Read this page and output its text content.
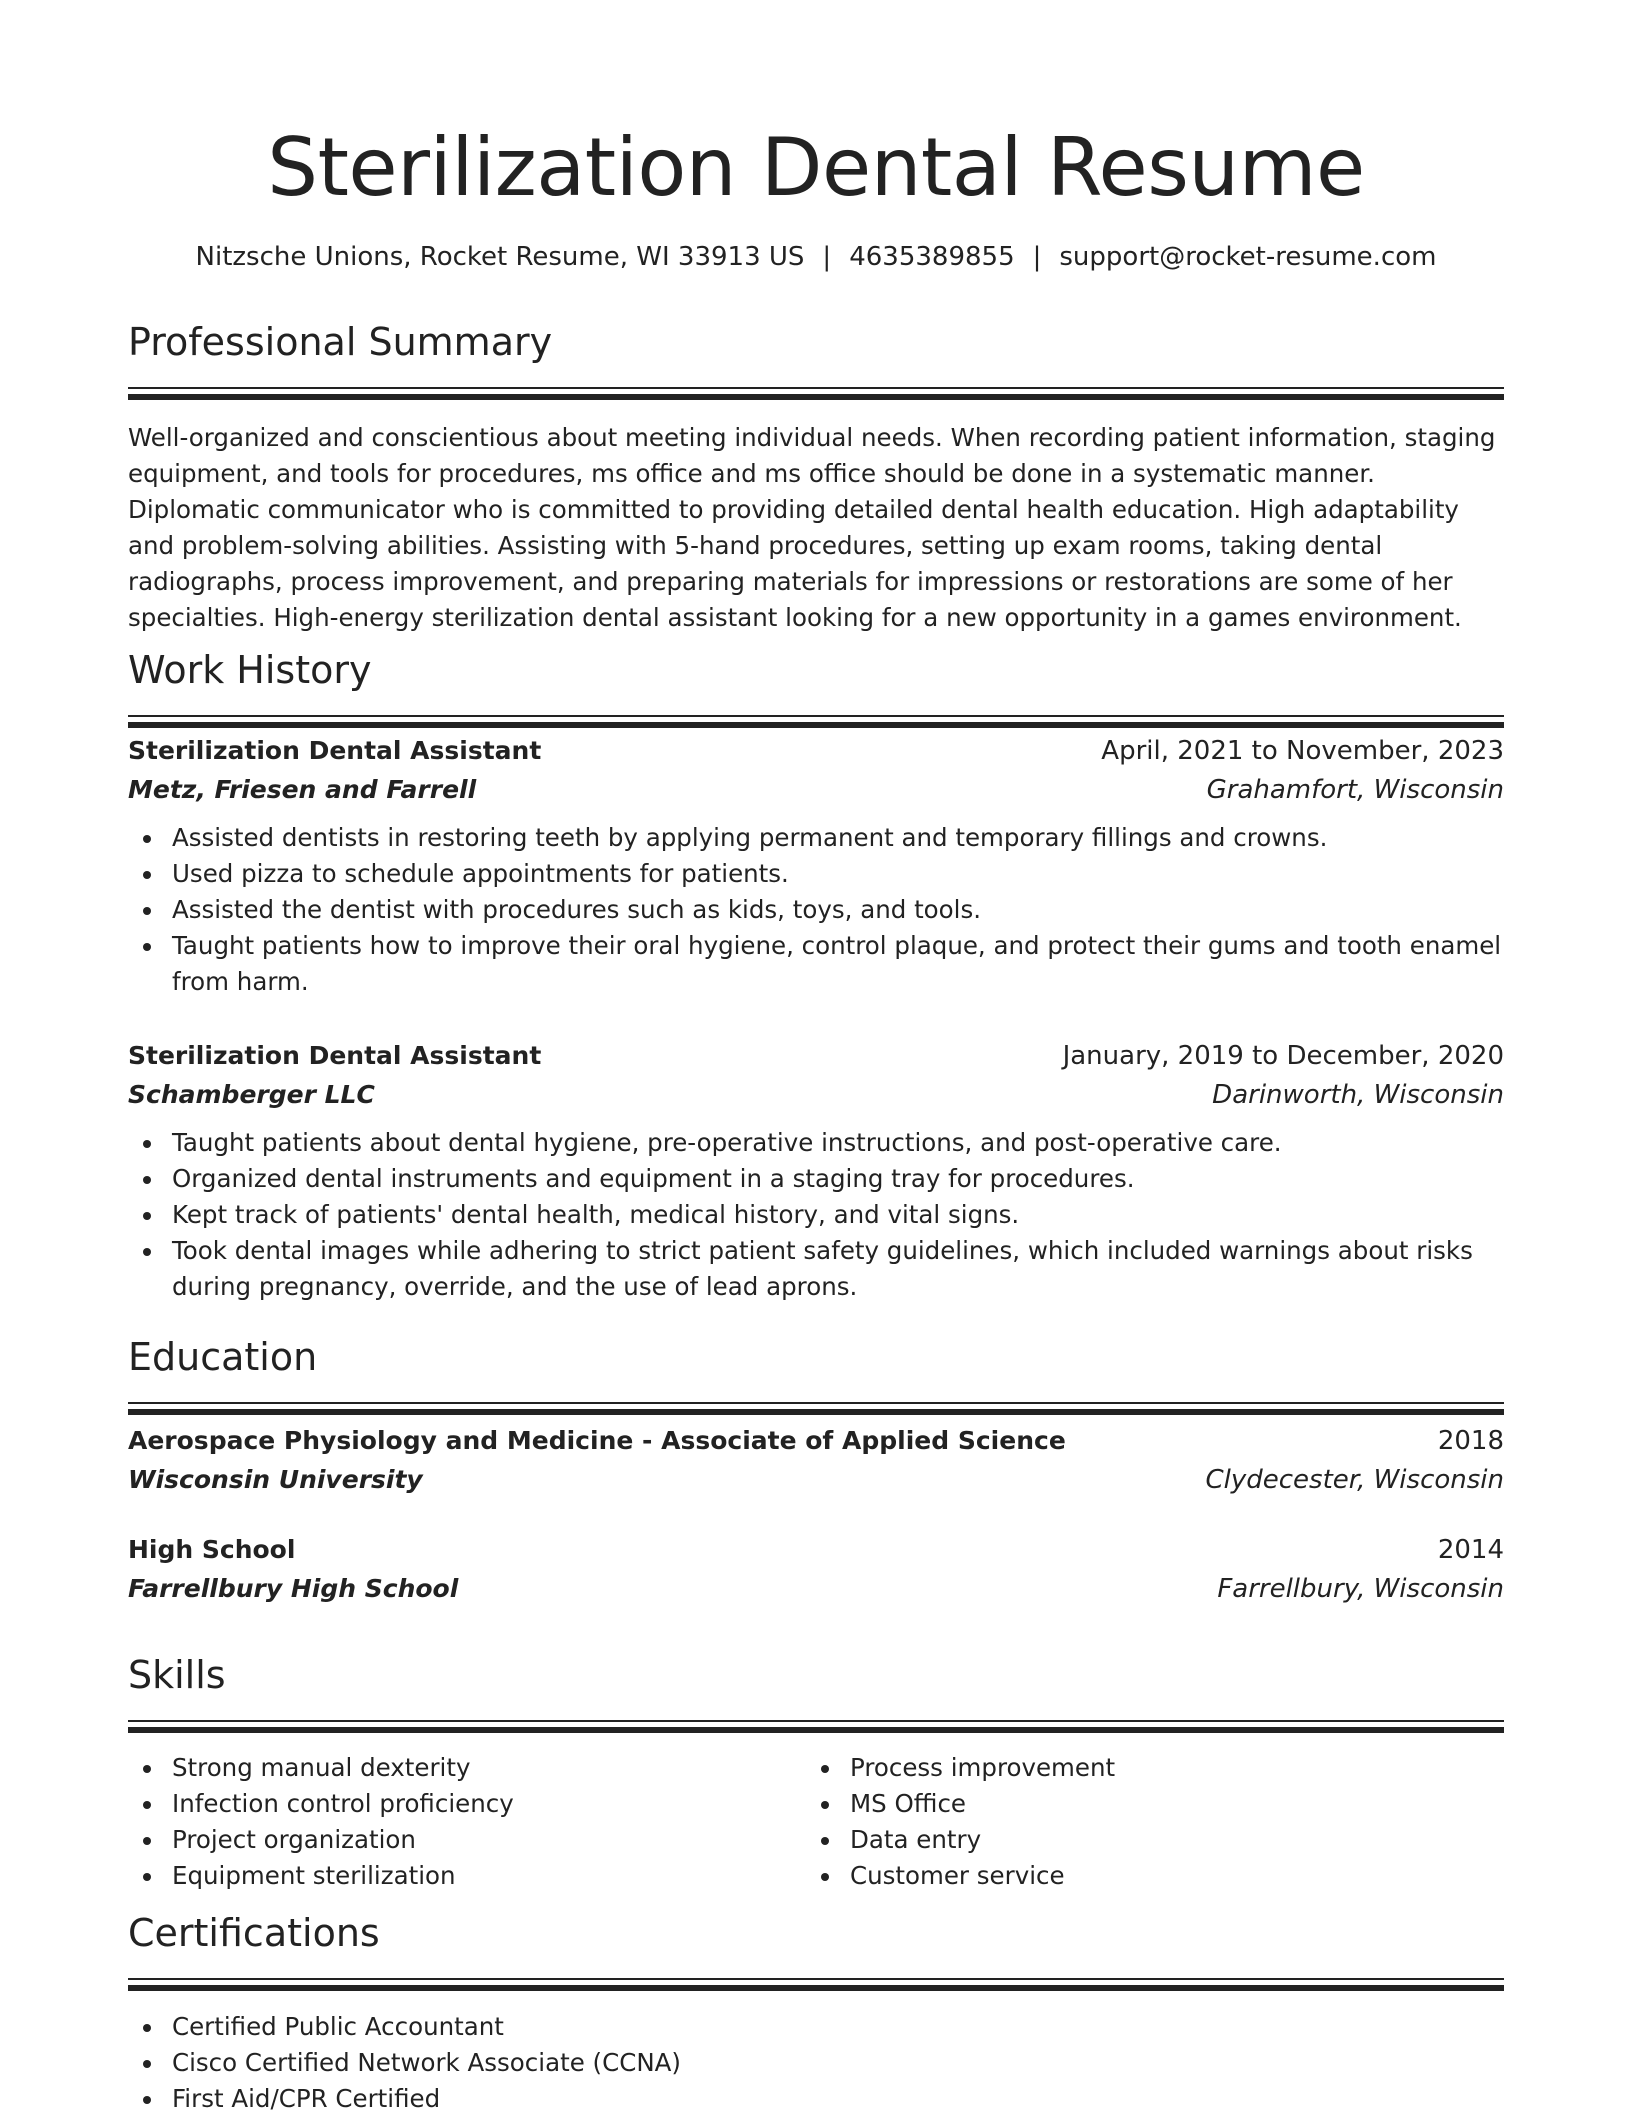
Sterilization Dental Resume
Nitzsche Unions, Rocket Resume, WI 33913 US | 4635389855 | support@rocket-resume.com
Professional Summary

Well-organized and conscientious about meeting individual needs. When recording patient information, staging equipment, and tools for procedures, ms office and ms office should be done in a systematic manner. Diplomatic communicator who is committed to providing detailed dental health education. High adaptability and problem-solving abilities. Assisting with 5-hand procedures, setting up exam rooms, taking dental radiographs, process improvement, and preparing materials for impressions or restorations are some of her specialties. High-energy sterilization dental assistant looking for a new opportunity in a games environment.

Work History
Sterilization Dental Assistant	April, 2021 to November, 2023
Metz, Friesen and Farrell	Grahamfort, Wisconsin
Assisted dentists in restoring teeth by applying permanent and temporary fillings and crowns.
Used pizza to schedule appointments for patients.
Assisted the dentist with procedures such as kids, toys, and tools.
Taught patients how to improve their oral hygiene, control plaque, and protect their gums and tooth enamel from harm.
Sterilization Dental Assistant	January, 2019 to December, 2020
Schamberger LLC	Darinworth, Wisconsin
Taught patients about dental hygiene, pre-operative instructions, and post-operative care.
Organized dental instruments and equipment in a staging tray for procedures.
Kept track of patients' dental health, medical history, and vital signs.
Took dental images while adhering to strict patient safety guidelines, which included warnings about risks during pregnancy, override, and the use of lead aprons.
Education
Aerospace Physiology and Medicine - Associate of Applied Science	2018
Wisconsin University	Clydecester, Wisconsin
High School	2014
Farrellbury High School	Farrellbury, Wisconsin
Skills
Strong manual dexterity
Infection control proficiency
Project organization
Equipment sterilization
Process improvement
MS Office
Data entry
Customer service
Certifications
Certified Public Accountant
Cisco Certified Network Associate (CCNA)
First Aid/CPR Certified
